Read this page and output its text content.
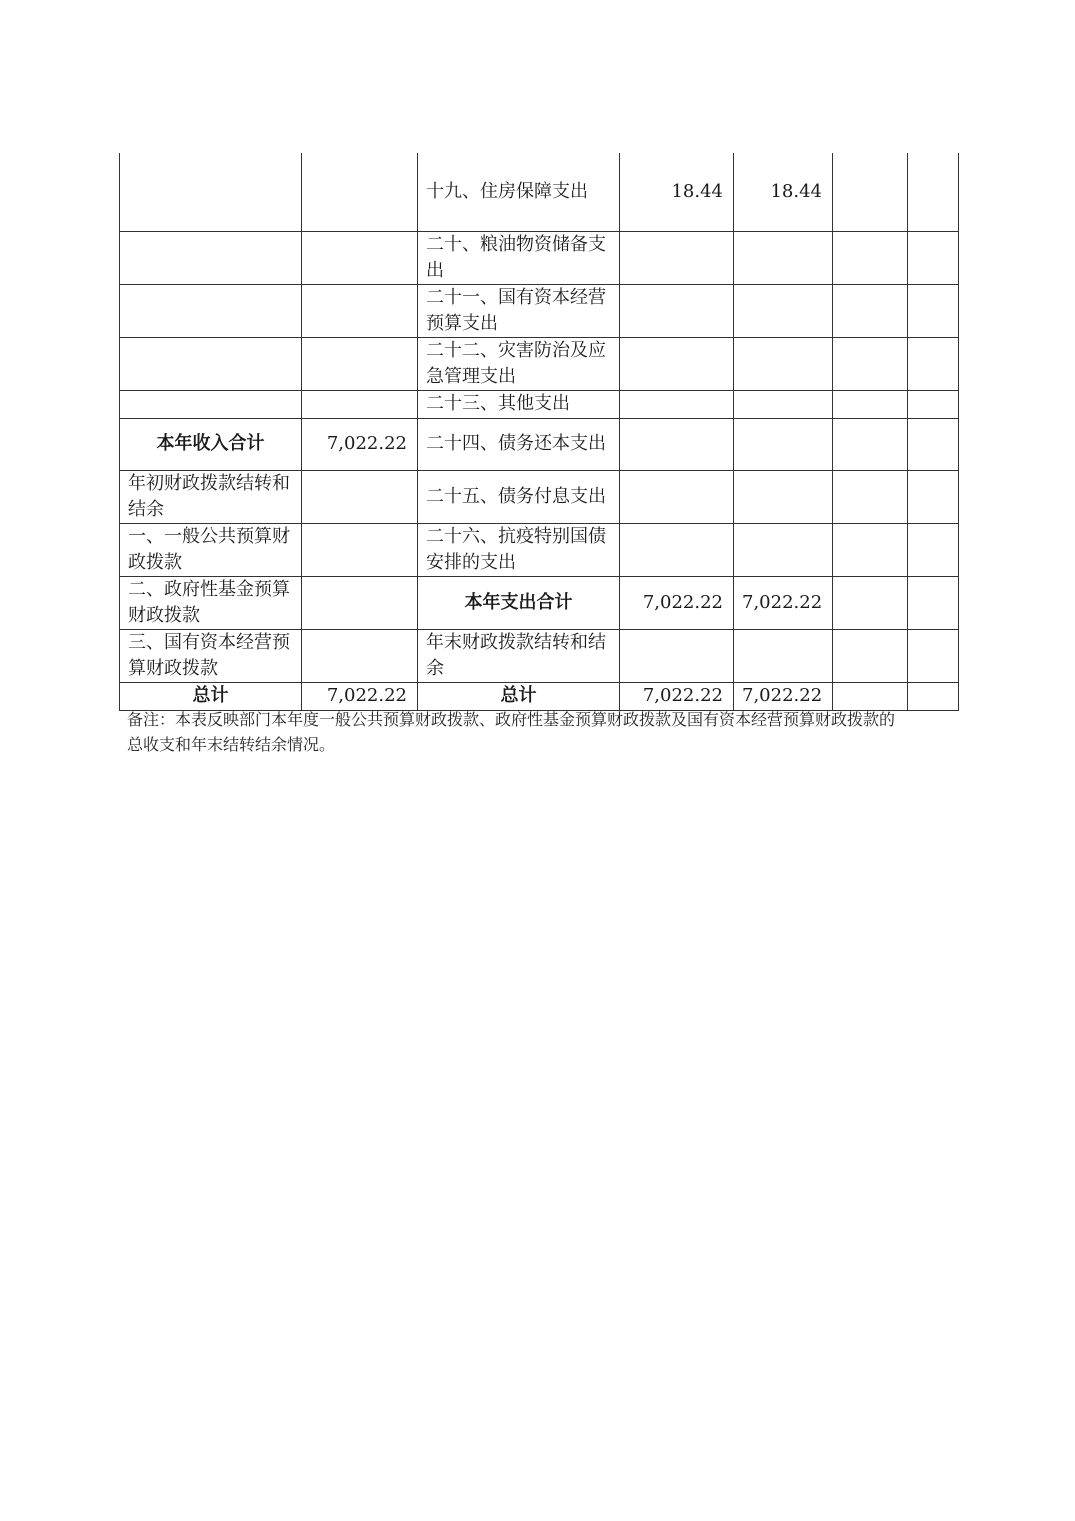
		十九、住房保障支出	18.44	18.44		
		二十、粮油物资储备支出				
		二十一、国有资本经营预算支出				
		二十二、灾害防治及应急管理支出				
		二十三、其他支出				
本年收入合计	7,022.22	二十四、债务还本支出				
年初财政拨款结转和结余		二十五、债务付息支出				
一、一般公共预算财政拨款		二十六、抗疫特别国债安排的支出				
二、政府性基金预算财政拨款		本年支出合计	7,022.22	7,022.22		
三、国有资本经营预算财政拨款		年末财政拨款结转和结余				
总计	7,022.22	总计	7,022.22	7,022.22		
备注：本表反映部门本年度一般公共预算财政拨款、政府性基金预算财政拨款及国有资本经营预算财政拨款的总收支和年末结转结余情况。
